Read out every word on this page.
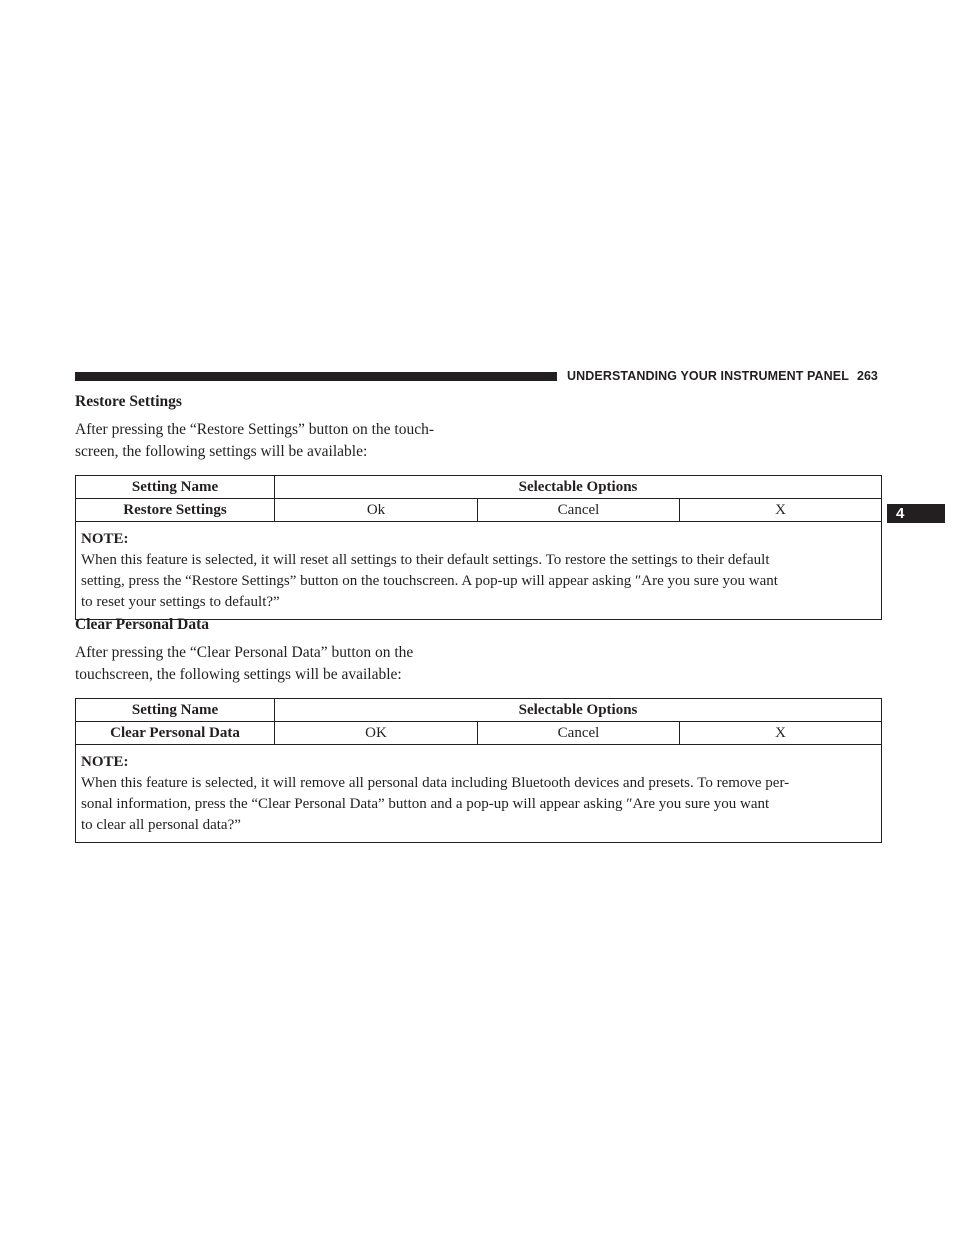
UNDERSTANDING YOUR INSTRUMENT PANEL 263
4
Restore Settings
After pressing the “Restore Settings” button on the touch-
screen, the following settings will be available:
Setting Name	Selectable Options		
Restore Settings	Ok	Cancel	X

NOTE:
When this feature is selected, it will reset all settings to their default settings. To restore the settings to their default
setting, press the “Restore Settings” button on the touchscreen. A pop-up will appear asking ″Are you sure you want
to reset your settings to default?”			
Clear Personal Data
After pressing the “Clear Personal Data” button on the
touchscreen, the following settings will be available:
Setting Name	Selectable Options		
Clear Personal Data	OK	Cancel	X

NOTE:
When this feature is selected, it will remove all personal data including Bluetooth devices and presets. To remove per-
sonal information, press the “Clear Personal Data” button and a pop-up will appear asking ″Are you sure you want
to clear all personal data?”			
